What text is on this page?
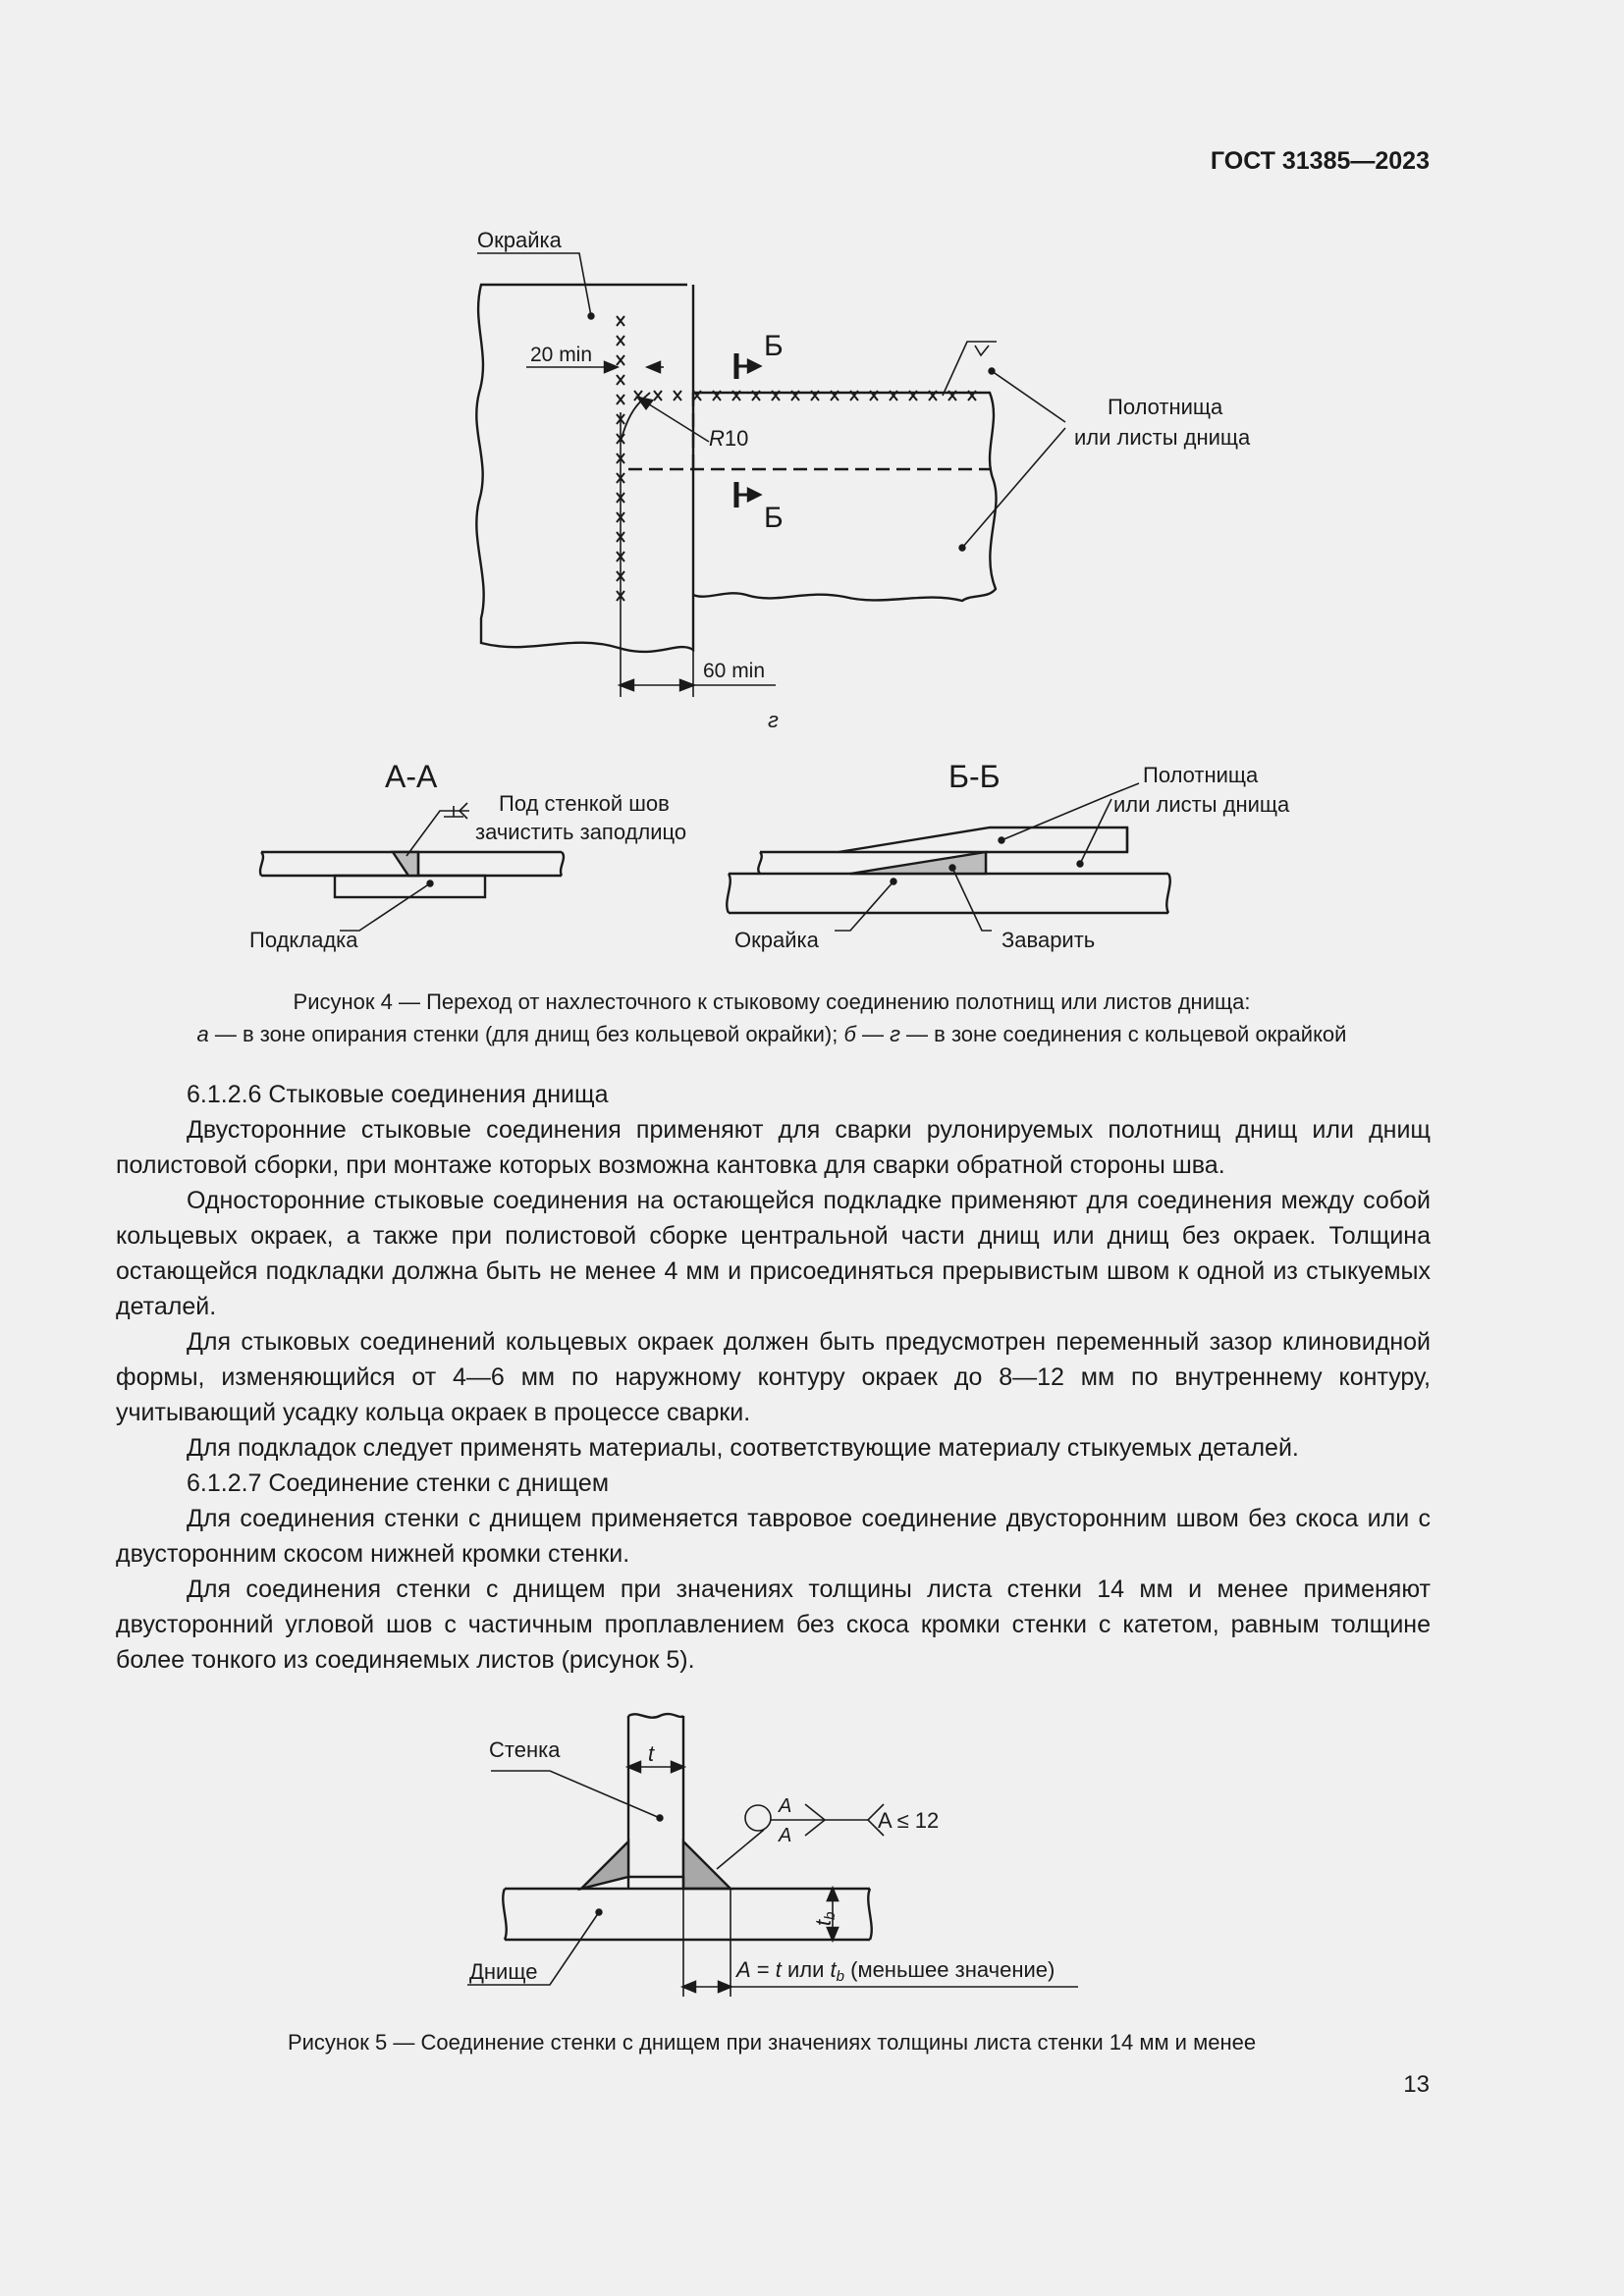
ГОСТ 31385—2023
Окрайка
20 min	Б
Б
V
R10
Полотнища
или листы днища
60 min
г
А-А
Под стенкой шов
зачистить заподлицо
Подкладка
Б-Б	Полотнища
или листы днища
Окрайка	Заварить
Рисунок 4 — Переход от нахлесточного к стыковому соединению полотнищ или листов днища:
а — в зоне опирания стенки (для днищ без кольцевой окрайки); б — г — в зоне соединения с кольцевой окрайкой

6.1.2.6 Стыковые соединения днища

Двусторонние стыковые соединения применяют для сварки рулонируемых полотнищ днищ или днищ полистовой сборки, при монтаже которых возможна кантовка для сварки обратной стороны шва.

Односторонние стыковые соединения на остающейся подкладке применяют для соединения между собой кольцевых окраек, а также при полистовой сборке центральной части днищ или днищ без окраек. Толщина остающейся подкладки должна быть не менее 4 мм и присоединяться прерывистым швом к одной из стыкуемых деталей.

Для стыковых соединений кольцевых окраек должен быть предусмотрен переменный зазор клиновидной формы, изменяющийся от 4—6 мм по наружному контуру окраек до 8—12 мм по внутреннему контуру, учитывающий усадку кольца окраек в процессе сварки.

Для подкладок следует применять материалы, соответствующие материалу стыкуемых деталей.

6.1.2.7 Соединение стенки с днищем

Для соединения стенки с днищем применяется тавровое соединение двусторонним швом без скоса или с двусторонним скосом нижней кромки стенки.

Для соединения стенки с днищем при значениях толщины листа стенки 14 мм и менее применяют двусторонний угловой шов с частичным проплавлением без скоса кромки стенки с катетом, равным толщине более тонкого из соединяемых листов (рисунок 5).

Стенка	t
A
A
A ≤ 12
tb
Днище	A = t или tb (меньшее значение)
Рисунок 5 — Соединение стенки с днищем при значениях толщины листа стенки 14 мм и менее
13
